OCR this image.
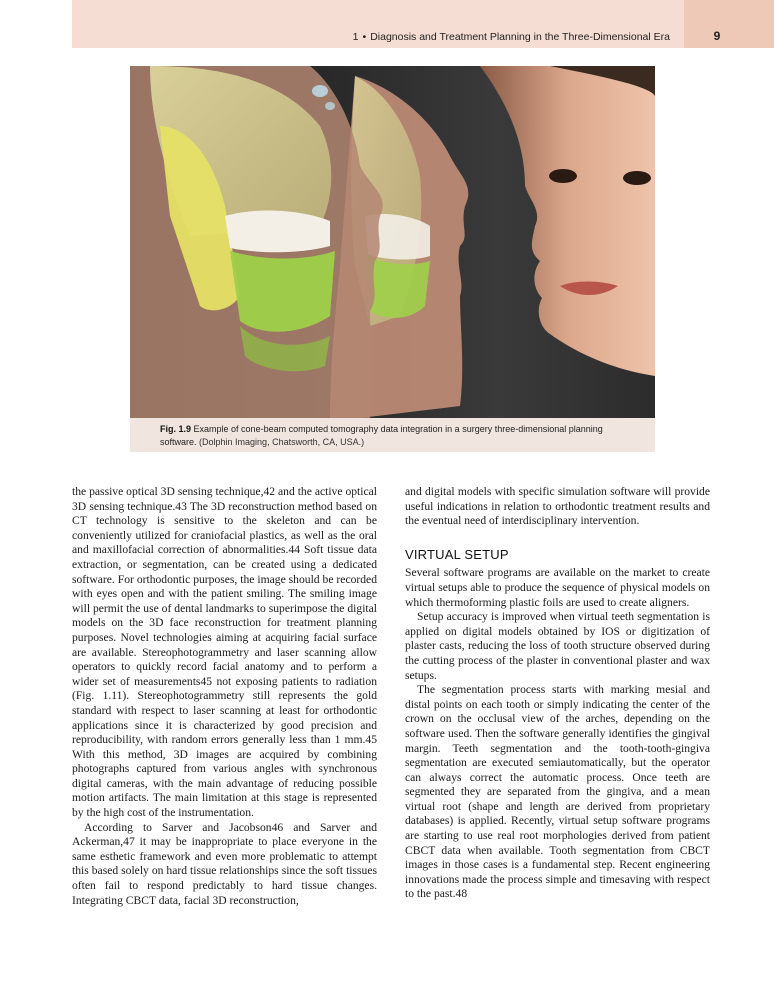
1 • Diagnosis and Treatment Planning in the Three-Dimensional Era	9

Fig. 1.9 Example of cone-beam computed tomography data integration in a surgery three-dimensional planning software. (Dolphin Imaging, Chatsworth, CA, USA.)

the passive optical 3D sensing technique,42 and the active optical 3D sensing technique.43 The 3D reconstruction method based on CT technology is sensitive to the skeleton and can be conveniently utilized for craniofacial plastics, as well as the oral and maxillofacial correction of abnormalities.44 Soft tissue data extraction, or segmentation, can be created using a dedicated software. For orthodontic purposes, the image should be recorded with eyes open and with the patient smiling. The smiling image will permit the use of dental landmarks to superimpose the digital models on the 3D face reconstruction for treatment planning purposes. Novel technologies aiming at acquiring facial surface are available. Stereophotogrammetry and laser scanning allow operators to quickly record facial anatomy and to perform a wider set of measurements45 not exposing patients to radiation (Fig. 1.11). Stereophotogrammetry still represents the gold standard with respect to laser scanning at least for orthodontic applications since it is characterized by good precision and reproducibility, with random errors generally less than 1 mm.45 With this method, 3D images are acquired by combining photographs captured from various angles with synchronous digital cameras, with the main advantage of reducing possible motion artifacts. The main limitation at this stage is represented by the high cost of the instrumentation.

According to Sarver and Jacobson46 and Sarver and Ackerman,47 it may be inappropriate to place everyone in the same esthetic framework and even more problematic to attempt this based solely on hard tissue relationships since the soft tissues often fail to respond predictably to hard tissue changes. Integrating CBCT data, facial 3D reconstruction,

and digital models with specific simulation software will provide useful indications in relation to orthodontic treatment results and the eventual need of interdisciplinary intervention.

VIRTUAL SETUP

Several software programs are available on the market to create virtual setups able to produce the sequence of physical models on which thermoforming plastic foils are used to create aligners.

Setup accuracy is improved when virtual teeth segmentation is applied on digital models obtained by IOS or digitization of plaster casts, reducing the loss of tooth structure observed during the cutting process of the plaster in conventional plaster and wax setups.

The segmentation process starts with marking mesial and distal points on each tooth or simply indicating the center of the crown on the occlusal view of the arches, depending on the software used. Then the software generally identifies the gingival margin. Teeth segmentation and the tooth-tooth-gingiva segmentation are executed semiautomatically, but the operator can always correct the automatic process. Once teeth are segmented they are separated from the gingiva, and a mean virtual root (shape and length are derived from proprietary databases) is applied. Recently, virtual setup software programs are starting to use real root morphologies derived from patient CBCT data when available. Tooth segmentation from CBCT images in those cases is a fundamental step. Recent engineering innovations made the process simple and timesaving with respect to the past.48
